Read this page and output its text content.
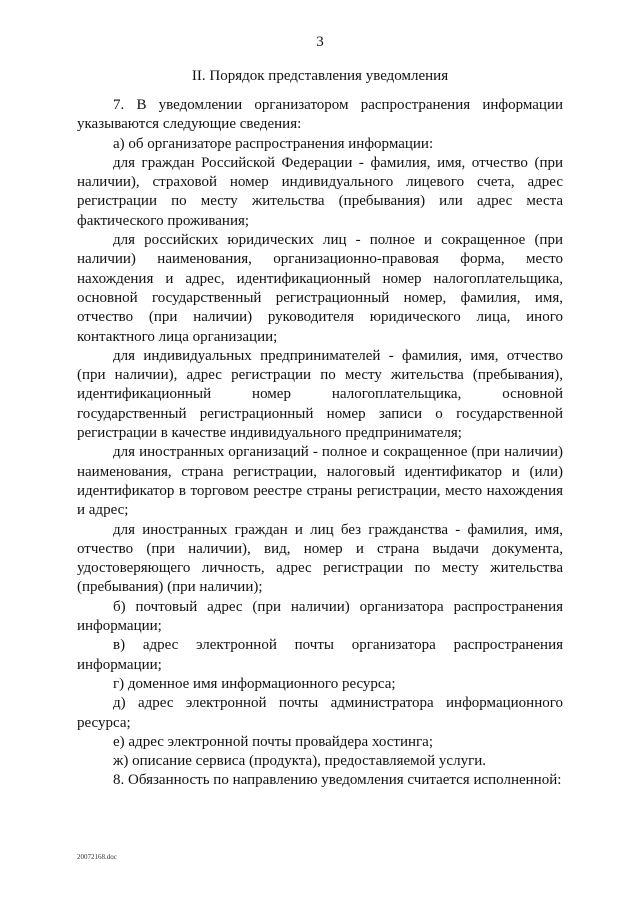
3
II. Порядок представления уведомления

7. В уведомлении организатором распространения информации указываются следующие сведения:

а) об организаторе распространения информации:

для граждан Российской Федерации - фамилия, имя, отчество (при наличии), страховой номер индивидуального лицевого счета, адрес регистрации по месту жительства (пребывания) или адрес места фактического проживания;

для российских юридических лиц - полное и сокращенное (при наличии) наименования, организационно-правовая форма, место нахождения и адрес, идентификационный номер налогоплательщика, основной государственный регистрационный номер, фамилия, имя, отчество (при наличии) руководителя юридического лица, иного контактного лица организации;

для индивидуальных предпринимателей - фамилия, имя, отчество (при наличии), адрес регистрации по месту жительства (пребывания), идентификационный номер налогоплательщика, основной государственный регистрационный номер записи о государственной регистрации в качестве индивидуального предпринимателя;

для иностранных организаций - полное и сокращенное (при наличии) наименования, страна регистрации, налоговый идентификатор и (или) идентификатор в торговом реестре страны регистрации, место нахождения и адрес;

для иностранных граждан и лиц без гражданства - фамилия, имя, отчество (при наличии), вид, номер и страна выдачи документа, удостоверяющего личность, адрес регистрации по месту жительства (пребывания) (при наличии);

б) почтовый адрес (при наличии) организатора распространения информации;

в) адрес электронной почты организатора распространения информации;

г) доменное имя информационного ресурса;

д) адрес электронной почты администратора информационного ресурса;

е) адрес электронной почты провайдера хостинга;

ж) описание сервиса (продукта), предоставляемой услуги.

8. Обязанность по направлению уведомления считается исполненной:

20072168.doc
